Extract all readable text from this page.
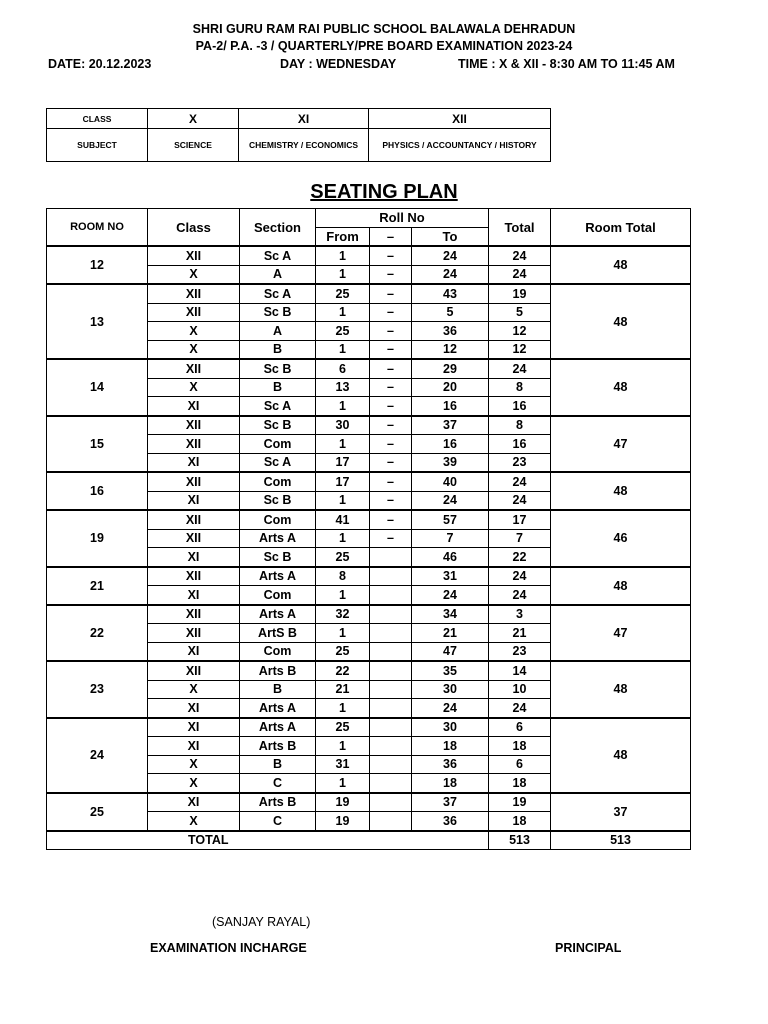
SHRI GURU RAM RAI PUBLIC SCHOOL BALAWALA DEHRADUN
PA-2/ P.A. -3 / QUARTERLY/PRE BOARD EXAMINATION 2023-24
DATE: 20.12.2023	DAY : WEDNESDAY	TIME : X & XII - 8:30 AM TO 11:45 AM
CLASS	X	XI	XII
SUBJECT	SCIENCE	CHEMISTRY / ECONOMICS	PHYSICS / ACCOUNTANCY / HISTORY
SEATING PLAN
ROOM NO	Class	Section	Roll No			Total	Room Total
			From	–	To		
12	XII	Sc A	1	–	24	24	48
	X	A	1	–	24	24	
13	XII	Sc A	25	–	43	19	48
	XII	Sc B	1	–	5	5	
	X	A	25	–	36	12	
	X	B	1	–	12	12	
14	XII	Sc B	6	–	29	24	48
	X	B	13	–	20	8	
	XI	Sc A	1	–	16	16	
15	XII	Sc B	30	–	37	8	47
	XII	Com	1	–	16	16	
	XI	Sc A	17	–	39	23	
16	XII	Com	17	–	40	24	48
	XI	Sc B	1	–	24	24	
19	XII	Com	41	–	57	17	46
	XII	Arts A	1	–	7	7	
	XI	Sc B	25		46	22	
21	XII	Arts A	8		31	24	48
	XI	Com	1		24	24	
22	XII	Arts A	32		34	3	47
	XII	ArtS B	1		21	21	
	XI	Com	25		47	23	
23	XII	Arts B	22		35	14	48
	X	B	21		30	10	
	XI	Arts A	1		24	24	
24	XI	Arts A	25		30	6	48
	XI	Arts B	1		18	18	
	X	B	31		36	6	
	X	C	1		18	18	
25	XI	Arts B	19		37	19	37
	X	C	19		36	18	
TOTAL						513	513
(SANJAY RAYAL)
EXAMINATION INCHARGE	PRINCIPAL
